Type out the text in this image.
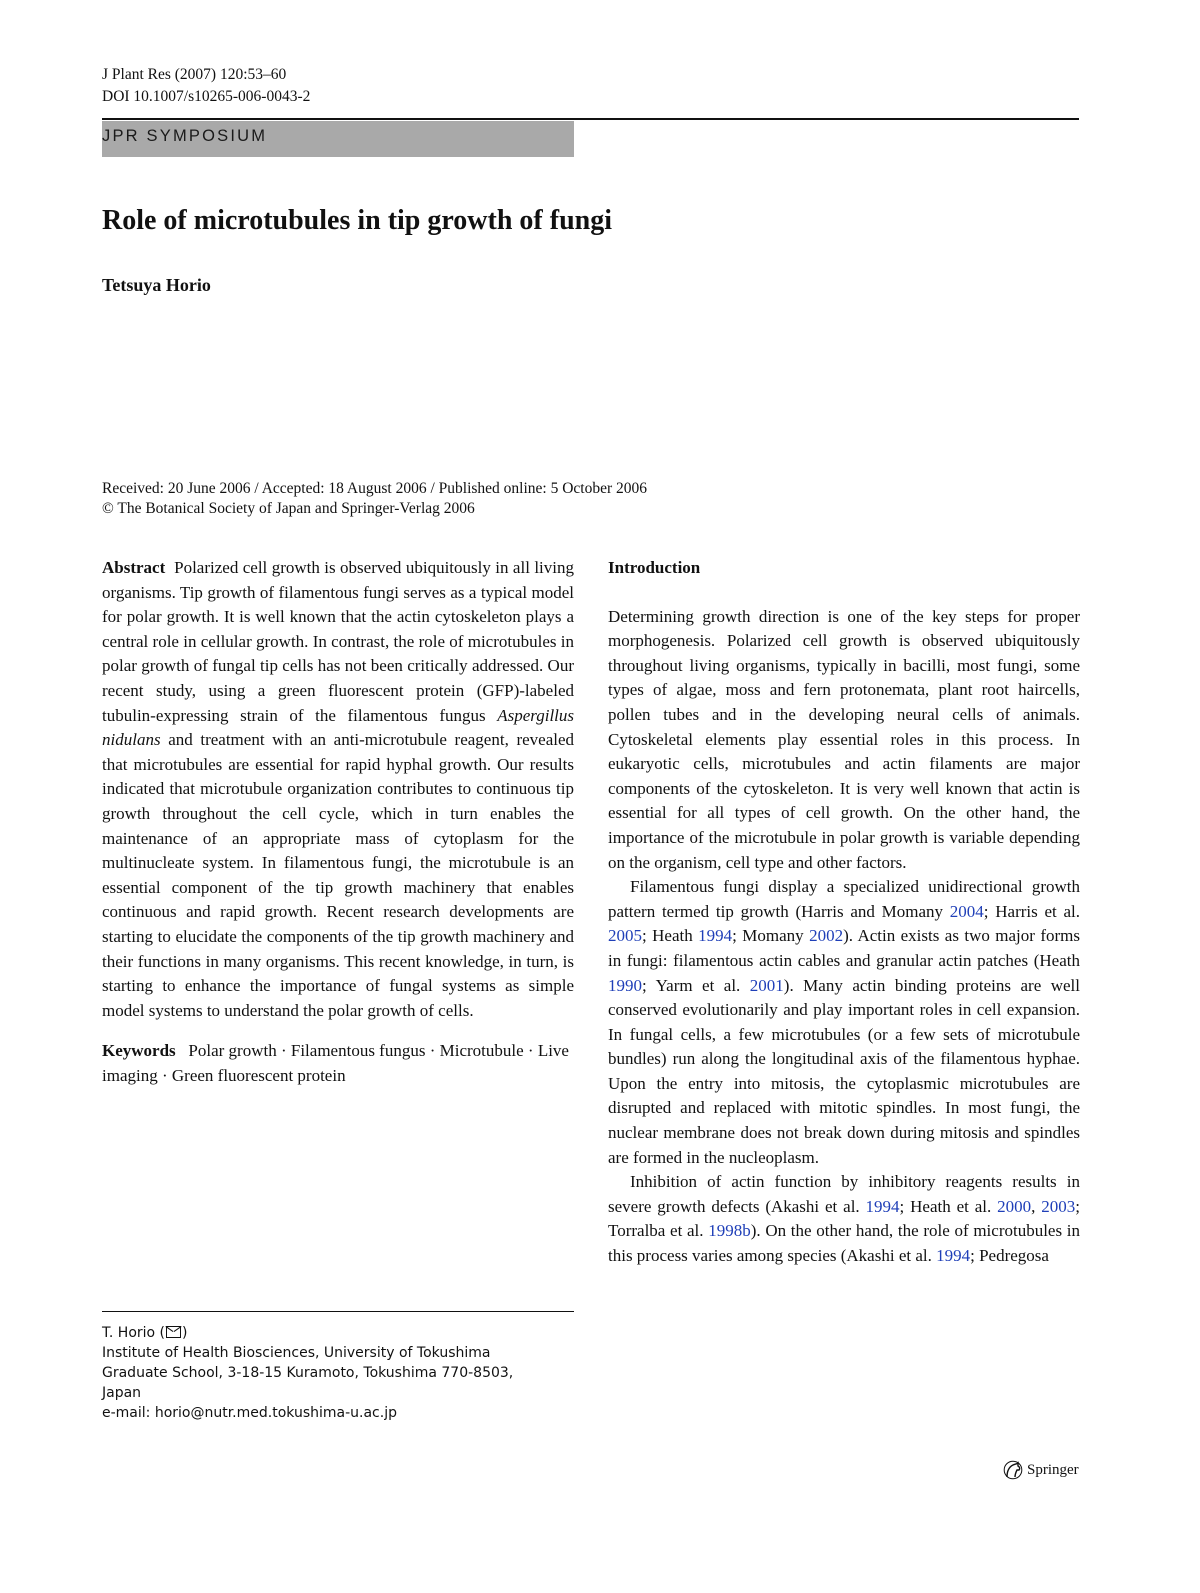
J Plant Res (2007) 120:53–60
DOI 10.1007/s10265-006-0043-2
JPR SYMPOSIUM
Role of microtubules in tip growth of fungi
Tetsuya Horio
Received: 20 June 2006 / Accepted: 18 August 2006 / Published online: 5 October 2006
© The Botanical Society of Japan and Springer-Verlag 2006

Abstract Polarized cell growth is observed ubiquitously in all living organisms. Tip growth of filamentous fungi serves as a typical model for polar growth. It is well known that the actin cytoskeleton plays a central role in cellular growth. In contrast, the role of microtubules in polar growth of fungal tip cells has not been critically addressed. Our recent study, using a green fluorescent protein (GFP)-labeled tubulin-expressing strain of the filamentous fungus Aspergillus nidulans and treatment with an anti-microtubule reagent, revealed that microtubules are essential for rapid hyphal growth. Our results indicated that microtubule organization contributes to continuous tip growth throughout the cell cycle, which in turn enables the maintenance of an appropriate mass of cytoplasm for the multinucleate system. In filamentous fungi, the microtubule is an essential component of the tip growth machinery that enables continuous and rapid growth. Recent research developments are starting to elucidate the components of the tip growth machinery and their functions in many organisms. This recent knowledge, in turn, is starting to enhance the importance of fungal systems as simple model systems to understand the polar growth of cells.

Keywords Polar growth · Filamentous fungus · Microtubule · Live imaging · Green fluorescent protein

T. Horio ( )
Institute of Health Biosciences, University of Tokushima
Graduate School, 3-18-15 Kuramoto, Tokushima 770-8503,
Japan
e-mail: horio@nutr.med.tokushima-u.ac.jp

Introduction

Determining growth direction is one of the key steps for proper morphogenesis. Polarized cell growth is observed ubiquitously throughout living organisms, typically in bacilli, most fungi, some types of algae, moss and fern protonemata, plant root haircells, pollen tubes and in the developing neural cells of animals. Cytoskeletal elements play essential roles in this process. In eukaryotic cells, microtubules and actin filaments are major components of the cytoskeleton. It is very well known that actin is essential for all types of cell growth. On the other hand, the importance of the microtubule in polar growth is variable depending on the organism, cell type and other factors.

Filamentous fungi display a specialized unidirectional growth pattern termed tip growth (Harris and Momany 2004; Harris et al. 2005; Heath 1994; Momany 2002). Actin exists as two major forms in fungi: filamentous actin cables and granular actin patches (Heath 1990; Yarm et al. 2001). Many actin binding proteins are well conserved evolutionarily and play important roles in cell expansion. In fungal cells, a few microtubules (or a few sets of microtubule bundles) run along the longitudinal axis of the filamentous hyphae. Upon the entry into mitosis, the cytoplasmic microtubules are disrupted and replaced with mitotic spindles. In most fungi, the nuclear membrane does not break down during mitosis and spindles are formed in the nucleoplasm.

Inhibition of actin function by inhibitory reagents results in severe growth defects (Akashi et al. 1994; Heath et al. 2000, 2003; Torralba et al. 1998b). On the other hand, the role of microtubules in this process varies among species (Akashi et al. 1994; Pedregosa

Springer
